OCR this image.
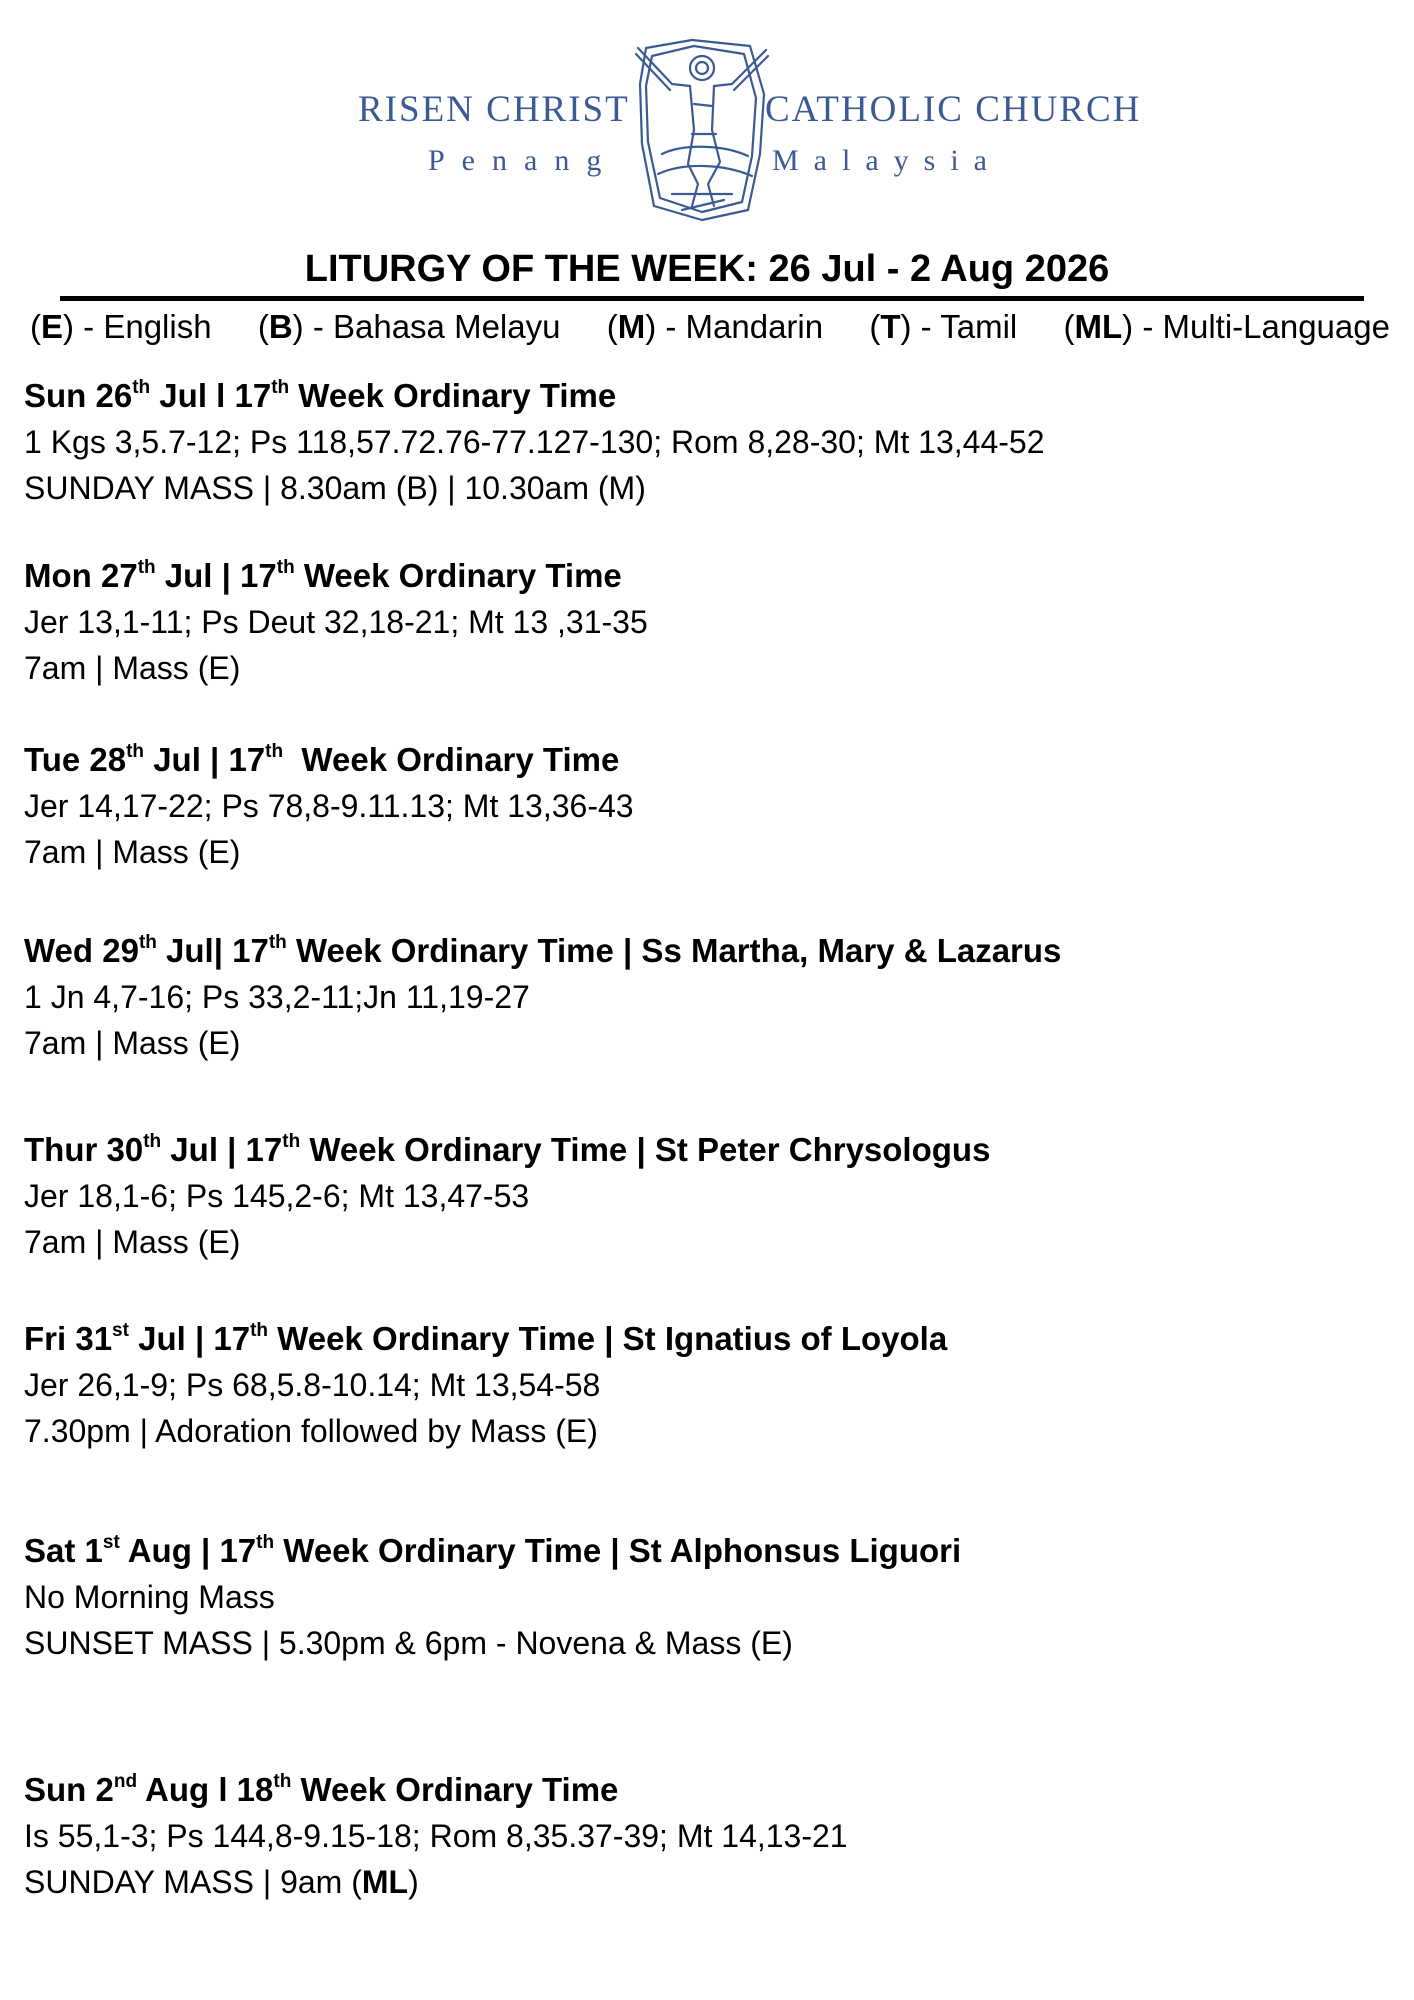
RISEN CHRIST	CATHOLIC CHURCH
Penang	Malaysia
LITURGY OF THE WEEK: 26 Jul - 2 Aug 2026
(E) - English (B) - Bahasa Melayu (M) - Mandarin (T) - Tamil (ML) - Multi-Language
Sun 26th Jul l 17th Week Ordinary Time
1 Kgs 3,5.7-12; Ps 118,57.72.76-77.127-130; Rom 8,28-30; Mt 13,44-52
SUNDAY MASS | 8.30am (B) | 10.30am (M)
Mon 27th Jul | 17th Week Ordinary Time
Jer 13,1-11; Ps Deut 32,18-21; Mt 13 ,31-35
7am | Mass (E)
Tue 28th Jul | 17th  Week Ordinary Time
Jer 14,17-22; Ps 78,8-9.11.13; Mt 13,36-43
7am | Mass (E)
Wed 29th Jul| 17th Week Ordinary Time | Ss Martha, Mary & Lazarus
1 Jn 4,7-16; Ps 33,2-11;Jn 11,19-27
7am | Mass (E)
Thur 30th Jul | 17th Week Ordinary Time | St Peter Chrysologus
Jer 18,1-6; Ps 145,2-6; Mt 13,47-53
7am | Mass (E)
Fri 31st Jul | 17th Week Ordinary Time | St Ignatius of Loyola
Jer 26,1-9; Ps 68,5.8-10.14; Mt 13,54-58
7.30pm | Adoration followed by Mass (E)
Sat 1st Aug | 17th Week Ordinary Time | St Alphonsus Liguori
No Morning Mass
SUNSET MASS | 5.30pm & 6pm - Novena & Mass (E)
Sun 2nd Aug l 18th Week Ordinary Time
Is 55,1-3; Ps 144,8-9.15-18; Rom 8,35.37-39; Mt 14,13-21
SUNDAY MASS | 9am (ML)
